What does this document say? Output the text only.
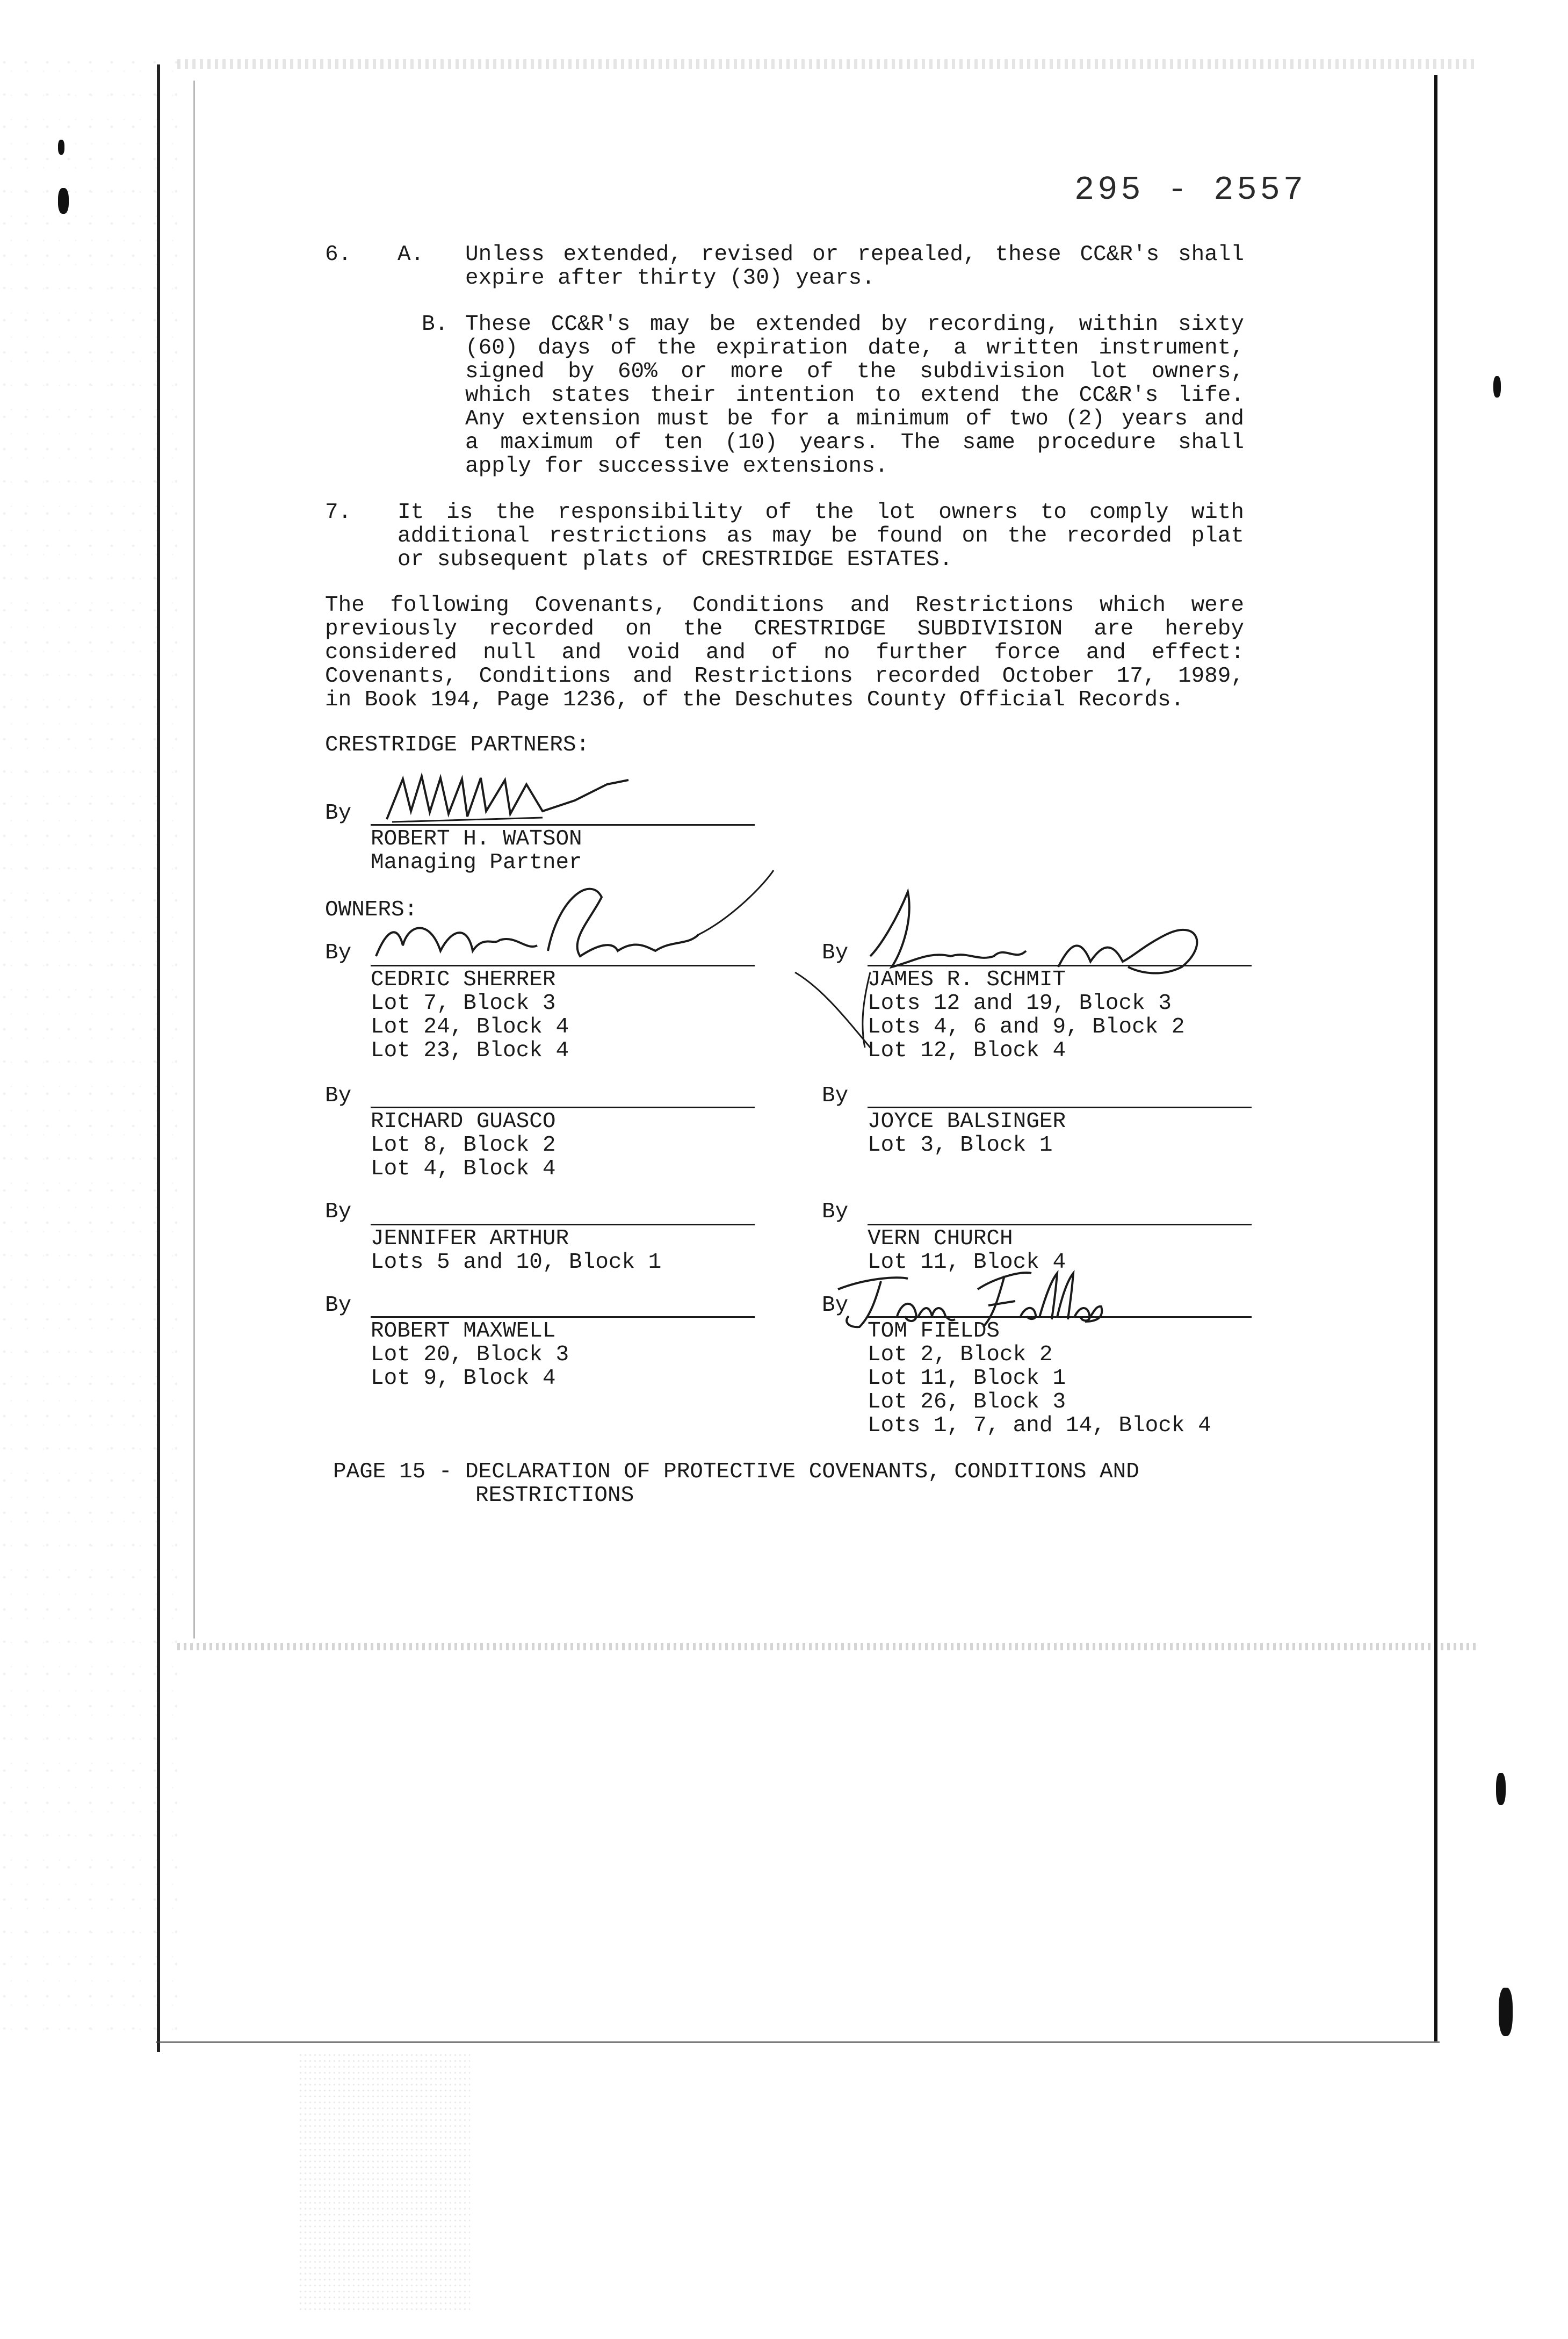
295 - 2557
6. A. Unless extended, revised or repealed, these CC&R's shall
expire after thirty (30) years.
B. These CC&R's may be extended by recording, within sixty
(60) days of the expiration date, a written instrument,
signed by 60% or more of the subdivision lot owners,
which states their intention to extend the CC&R's life.
Any extension must be for a minimum of two (2) years and
a maximum of ten (10) years. The same procedure shall
apply for successive extensions.
7. It is the responsibility of the lot owners to comply with
additional restrictions as may be found on the recorded plat
or subsequent plats of CRESTRIDGE ESTATES.
The following Covenants, Conditions and Restrictions which were
previously recorded on the CRESTRIDGE SUBDIVISION are hereby
considered null and void and of no further force and effect:
Covenants, Conditions and Restrictions recorded October 17, 1989,
in Book 194, Page 1236, of the Deschutes County Official Records.
CRESTRIDGE PARTNERS:
By
ROBERT H. WATSON
Managing Partner
OWNERS:
By
CEDRIC SHERRER
Lot 7, Block 3
Lot 24, Block 4
Lot 23, Block 4
By
RICHARD GUASCO
Lot 8, Block 2
Lot 4, Block 4
By
JENNIFER ARTHUR
Lots 5 and 10, Block 1
By
ROBERT MAXWELL
Lot 20, Block 3
Lot 9, Block 4
By
JAMES R. SCHMIT
Lots 12 and 19, Block 3
Lots 4, 6 and 9, Block 2
Lot 12, Block 4
By
JOYCE BALSINGER
Lot 3, Block 1
By
VERN CHURCH
Lot 11, Block 4
By
TOM FIELDS
Lot 2, Block 2
Lot 11, Block 1
Lot 26, Block 3
Lots 1, 7, and 14, Block 4
PAGE 15 - DECLARATION OF PROTECTIVE COVENANTS, CONDITIONS AND
RESTRICTIONS
